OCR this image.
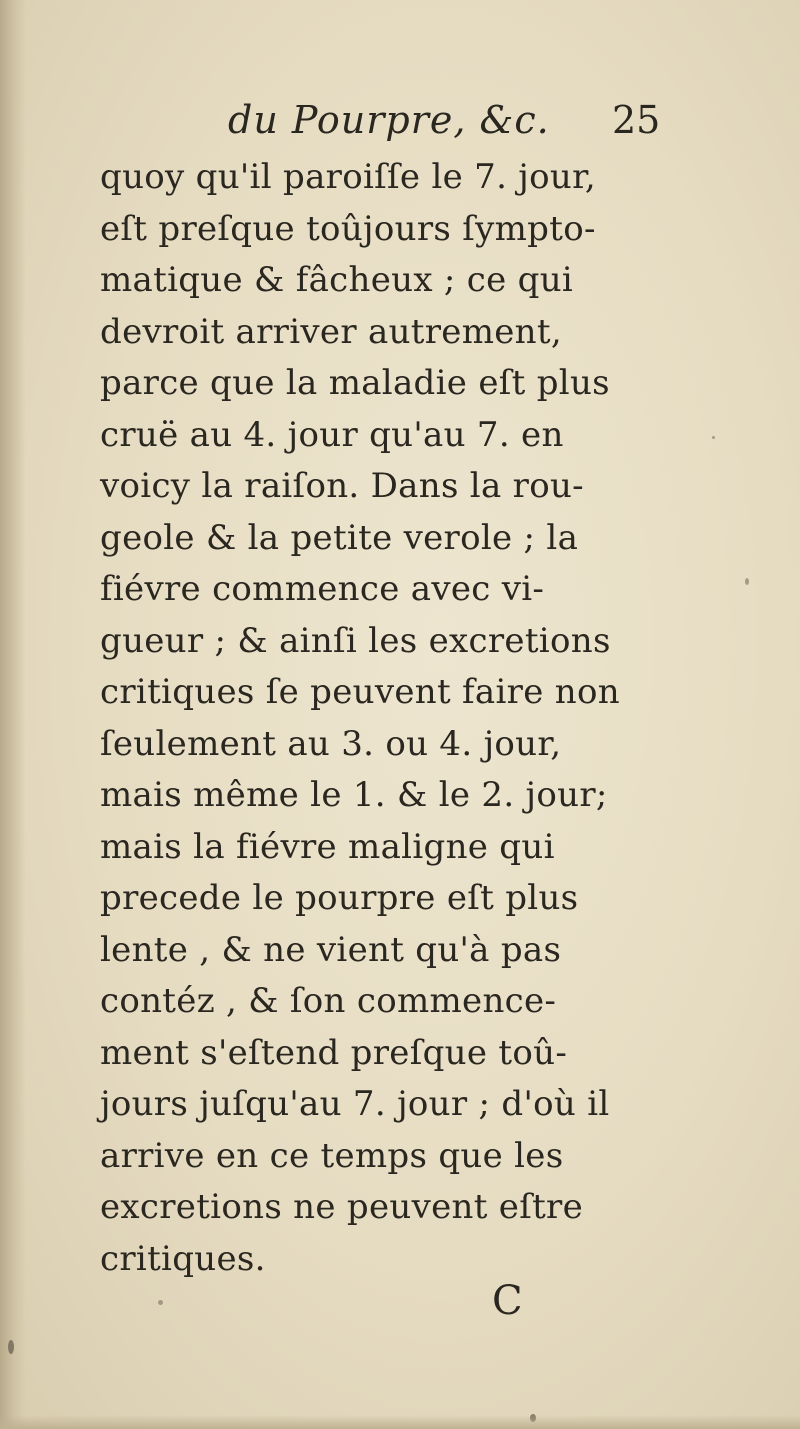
du Pourpre, &c. 25
quoy qu'il paroiſſe le 7. jour,
eſt preſque toûjours ſympto-
matique & fâcheux ; ce qui
devroit arriver autrement,
parce que la maladie eſt plus
cruë au 4. jour qu'au 7. en
voicy la raiſon. Dans la rou-
geole & la petite verole ; la
fiévre commence avec vi-
gueur ; & ainſi les excretions
critiques ſe peuvent faire non
ſeulement au 3. ou 4. jour,
mais même le 1. & le 2. jour;
mais la fiévre maligne qui
precede le pourpre eſt plus
lente , & ne vient qu'à pas
contéz , & ſon commence-
ment s'eſtend preſque toû-
jours juſqu'au 7. jour ; d'où il
arrive en ce temps que les
excretions ne peuvent eſtre
critiques.
C
